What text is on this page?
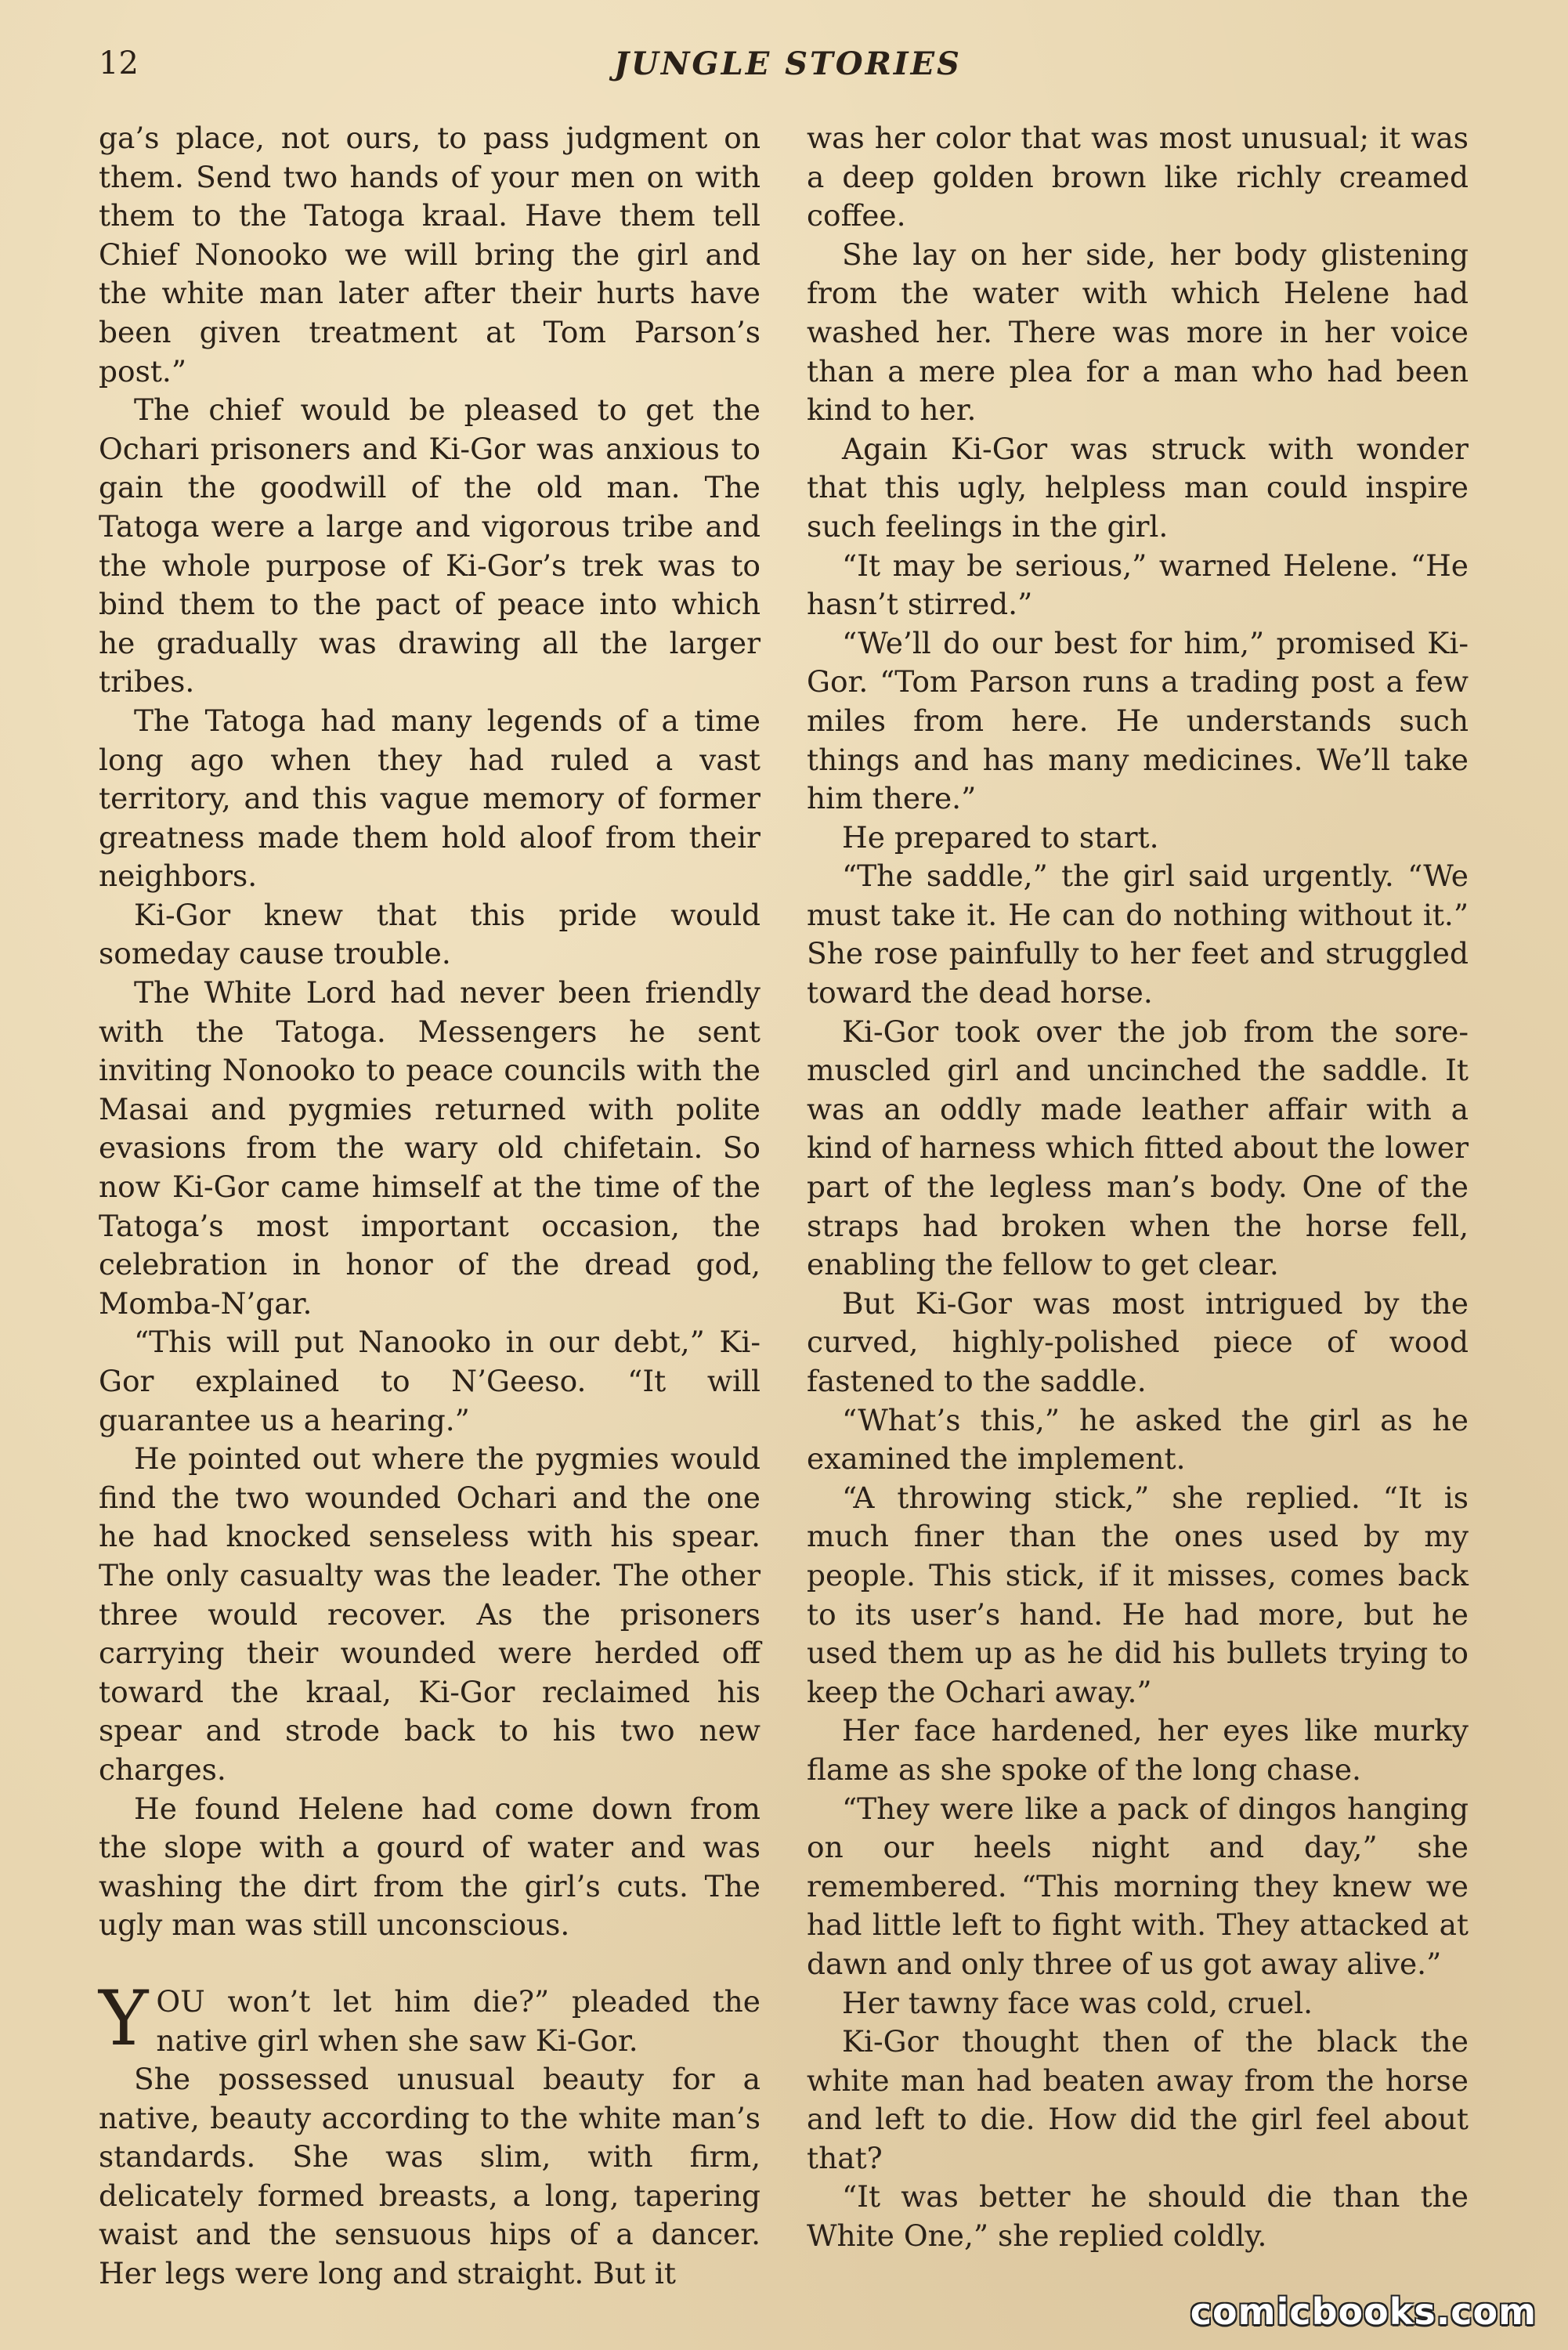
12	JUNGLE STORIES

ga’s place, not ours, to pass judgment on them. Send two hands of your men on with them to the Tatoga kraal. Have them tell Chief Nonooko we will bring the girl and the white man later after their hurts have been given treatment at Tom Parson’s post.”

The chief would be pleased to get the Ochari prisoners and Ki-Gor was anxious to gain the goodwill of the old man. The Tatoga were a large and vigorous tribe and the whole purpose of Ki-Gor’s trek was to bind them to the pact of peace into which he gradually was drawing all the larger tribes.

The Tatoga had many legends of a time long ago when they had ruled a vast territory, and this vague memory of former greatness made them hold aloof from their neighbors.

Ki-Gor knew that this pride would someday cause trouble.

The White Lord had never been friendly with the Tatoga. Messengers he sent inviting Nonooko to peace councils with the Masai and pygmies returned with polite evasions from the wary old chifetain. So now Ki-Gor came himself at the time of the Tatoga’s most important occasion, the celebration in honor of the dread god, Momba-N’gar.

“This will put Nanooko in our debt,” Ki-Gor explained to N’Geeso. “It will guarantee us a hearing.”

He pointed out where the pygmies would find the two wounded Ochari and the one he had knocked senseless with his spear. The only casualty was the leader. The other three would recover. As the prisoners carrying their wounded were herded off toward the kraal, Ki-Gor reclaimed his spear and strode back to his two new charges.

He found Helene had come down from the slope with a gourd of water and was washing the dirt from the girl’s cuts. The ugly man was still unconscious.

YOU won’t let him die?” pleaded the native girl when she saw Ki-Gor.

She possessed unusual beauty for a native, beauty according to the white man’s standards. She was slim, with firm, delicately formed breasts, a long, tapering waist and the sensuous hips of a dancer. Her legs were long and straight. But it

was her color that was most unusual; it was a deep golden brown like richly creamed coffee.

She lay on her side, her body glistening from the water with which Helene had washed her. There was more in her voice than a mere plea for a man who had been kind to her.

Again Ki-Gor was struck with wonder that this ugly, helpless man could inspire such feelings in the girl.

“It may be serious,” warned Helene. “He hasn’t stirred.”

“We’ll do our best for him,” promised Ki-Gor. “Tom Parson runs a trading post a few miles from here. He understands such things and has many medicines. We’ll take him there.”

He prepared to start.

“The saddle,” the girl said urgently. “We must take it. He can do nothing without it.” She rose painfully to her feet and struggled toward the dead horse.

Ki-Gor took over the job from the sore-muscled girl and uncinched the saddle. It was an oddly made leather affair with a kind of harness which fitted about the lower part of the legless man’s body. One of the straps had broken when the horse fell, enabling the fellow to get clear.

But Ki-Gor was most intrigued by the curved, highly-polished piece of wood fastened to the saddle.

“What’s this,” he asked the girl as he examined the implement.

“A throwing stick,” she replied. “It is much finer than the ones used by my people. This stick, if it misses, comes back to its user’s hand. He had more, but he used them up as he did his bullets trying to keep the Ochari away.”

Her face hardened, her eyes like murky flame as she spoke of the long chase.

“They were like a pack of dingos hanging on our heels night and day,” she remembered. “This morning they knew we had little left to fight with. They attacked at dawn and only three of us got away alive.”

Her tawny face was cold, cruel.

Ki-Gor thought then of the black the white man had beaten away from the horse and left to die. How did the girl feel about that?

“It was better he should die than the White One,” she replied coldly.

comicbooks.com
